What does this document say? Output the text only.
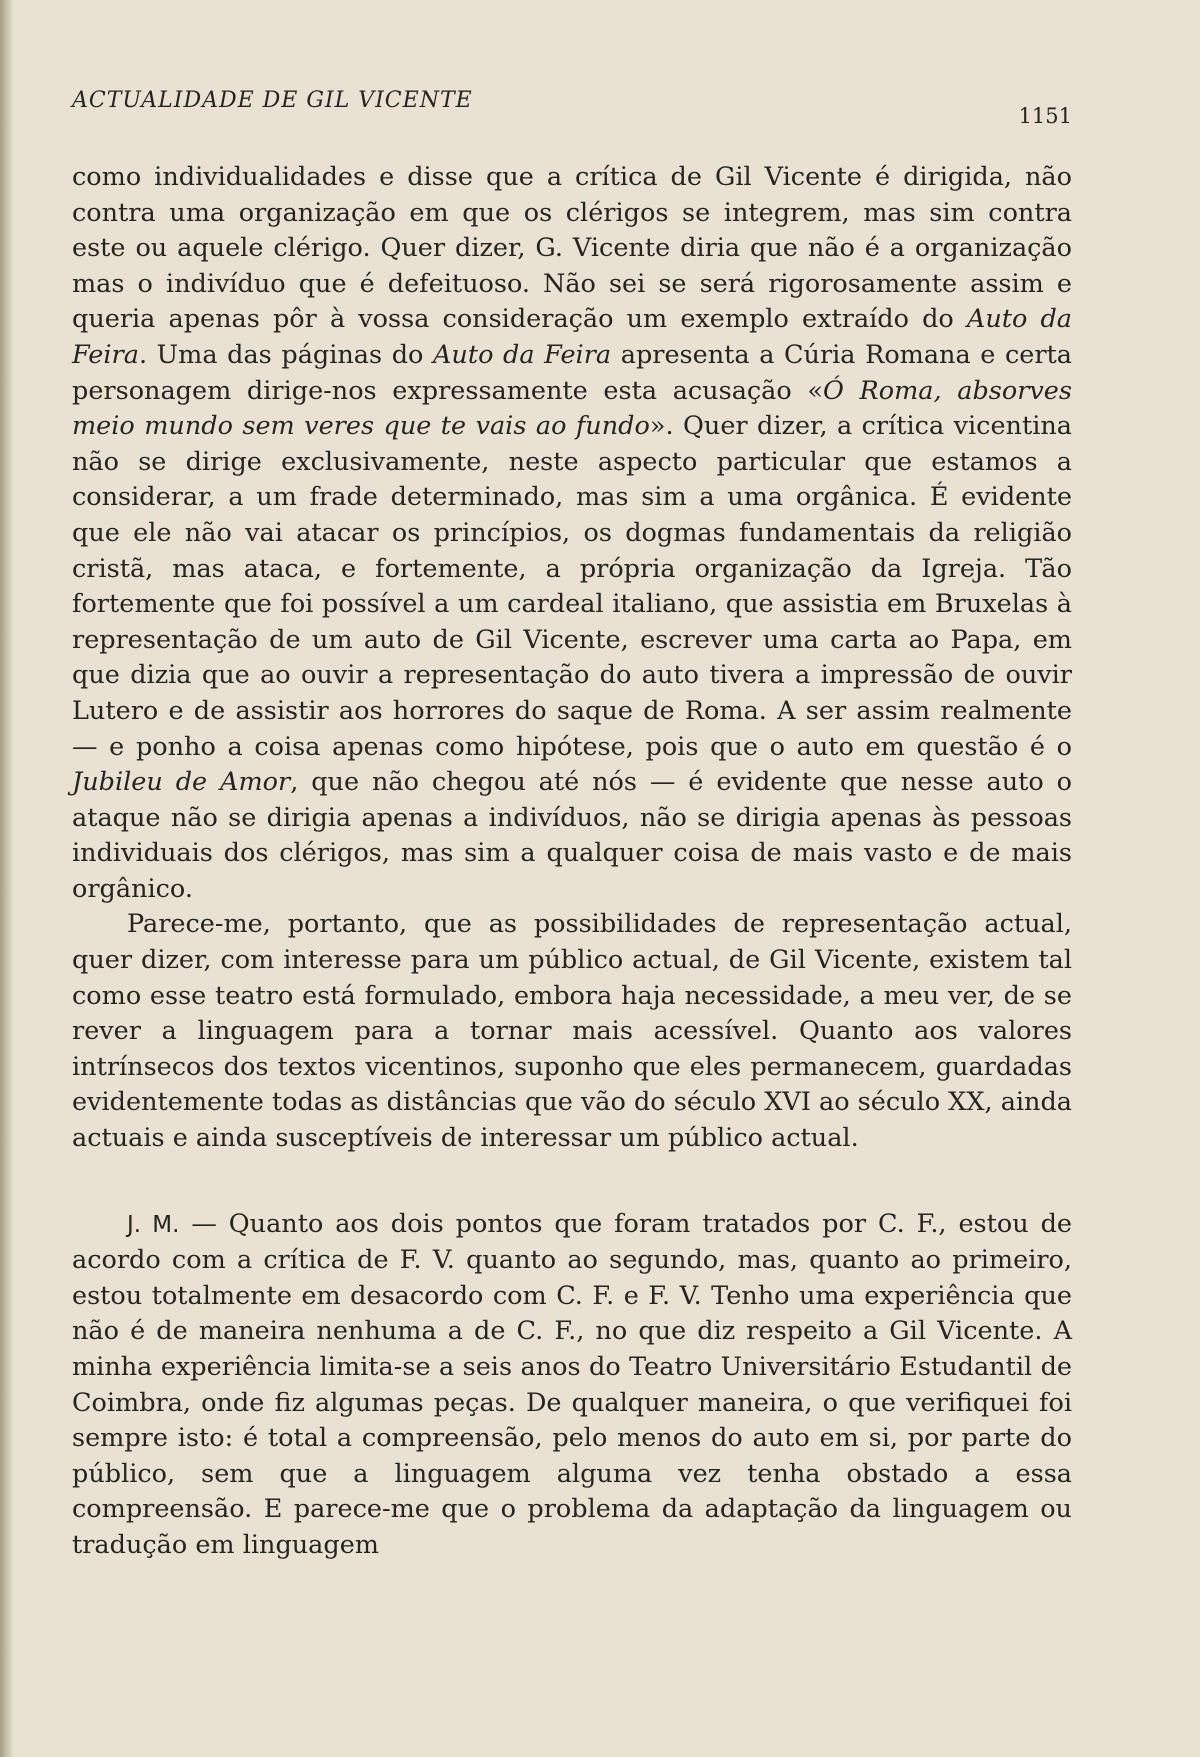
ACTUALIDADE DE GIL VICENTE
1151

como individualidades e disse que a crítica de Gil Vicente é dirigida, não contra uma organização em que os clérigos se integrem, mas sim contra este ou aquele clérigo. Quer dizer, G. Vicente diria que não é a organização mas o indivíduo que é defeituoso. Não sei se será rigorosamente assim e queria apenas pôr à vossa consideração um exemplo extraído do Auto da Feira. Uma das páginas do Auto da Feira apresenta a Cúria Romana e certa personagem dirige-nos expressamente esta acusação «Ó Roma, absorves meio mundo sem veres que te vais ao fundo». Quer dizer, a crítica vicentina não se dirige exclusivamente, neste aspecto particular que estamos a considerar, a um frade determinado, mas sim a uma orgânica. É evidente que ele não vai atacar os princípios, os dogmas fundamentais da religião cristã, mas ataca, e fortemente, a própria organização da Igreja. Tão fortemente que foi possível a um cardeal italiano, que assistia em Bruxelas à representação de um auto de Gil Vicente, escrever uma carta ao Papa, em que dizia que ao ouvir a representação do auto tivera a impressão de ouvir Lutero e de assistir aos horrores do saque de Roma. A ser assim realmente — e ponho a coisa apenas como hipótese, pois que o auto em questão é o Jubileu de Amor, que não chegou até nós — é evidente que nesse auto o ataque não se dirigia apenas a indivíduos, não se dirigia apenas às pessoas individuais dos clérigos, mas sim a qualquer coisa de mais vasto e de mais orgânico.

Parece-me, portanto, que as possibilidades de representação actual, quer dizer, com interesse para um público actual, de Gil Vicente, existem tal como esse teatro está formulado, embora haja necessidade, a meu ver, de se rever a linguagem para a tornar mais acessível. Quanto aos valores intrínsecos dos textos vicentinos, suponho que eles permanecem, guardadas evidentemente todas as distâncias que vão do século XVI ao século XX, ainda actuais e ainda susceptíveis de interessar um público actual.

J. M. — Quanto aos dois pontos que foram tratados por C. F., estou de acordo com a crítica de F. V. quanto ao segundo, mas, quanto ao primeiro, estou totalmente em desacordo com C. F. e F. V. Tenho uma experiência que não é de maneira nenhuma a de C. F., no que diz respeito a Gil Vicente. A minha experiência limita-se a seis anos do Teatro Universitário Estudantil de Coimbra, onde fiz algumas peças. De qualquer maneira, o que verifiquei foi sempre isto: é total a compreensão, pelo menos do auto em si, por parte do público, sem que a linguagem alguma vez tenha obstado a essa compreensão. E parece-me que o problema da adaptação da linguagem ou tradução em linguagem
